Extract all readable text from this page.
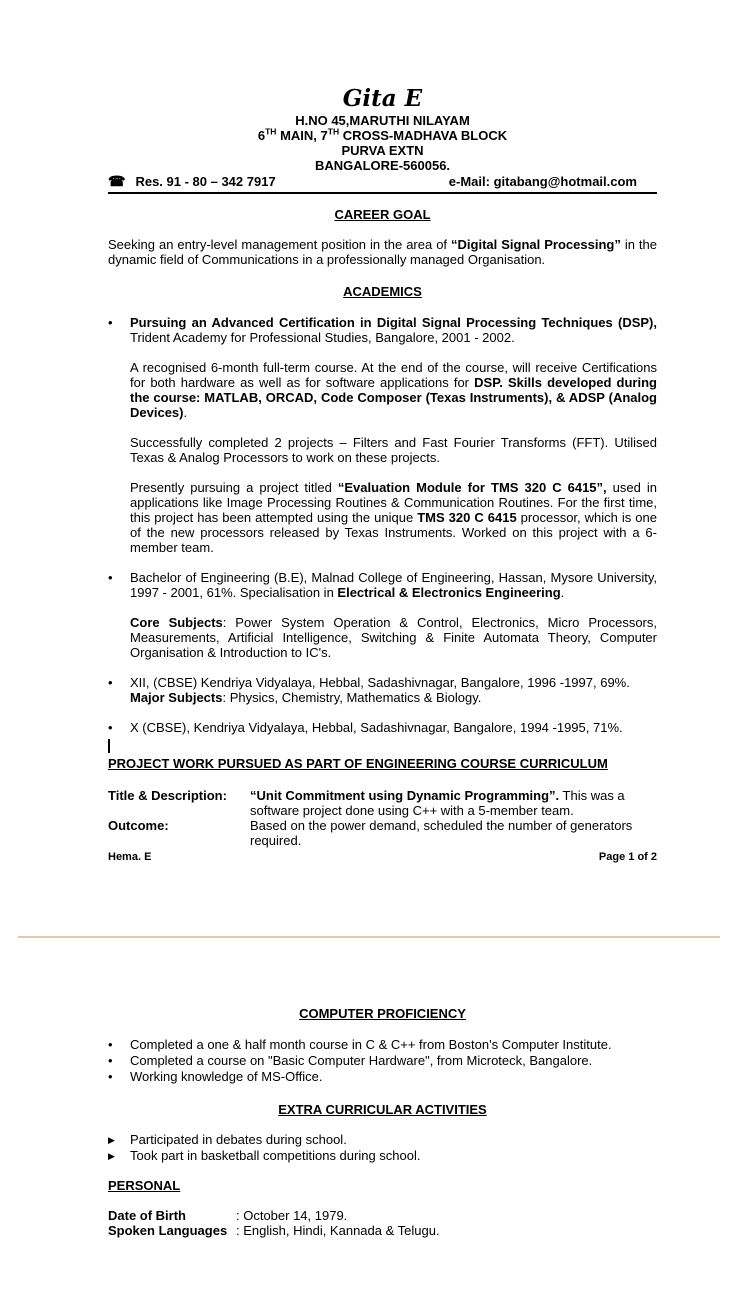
Gita E
H.NO 45,MARUTHI NILAYAM
6TH MAIN, 7TH CROSS-MADHAVA BLOCK
PURVA EXTN
BANGALORE-560056.
☎ Res. 91 - 80 – 342 7917	e-Mail: gitabang@hotmail.com
CAREER GOAL
Seeking an entry-level management position in the area of “Digital Signal Processing” in the dynamic field of Communications in a professionally managed Organisation.
ACADEMICS
•	Pursuing an Advanced Certification in Digital Signal Processing Techniques (DSP), Trident Academy for Professional Studies, Bangalore, 2001 - 2002.
A recognised 6-month full-term course. At the end of the course, will receive Certifications for both hardware as well as for software applications for DSP. Skills developed during the course: MATLAB, ORCAD, Code Composer (Texas Instruments), & ADSP (Analog Devices).
Successfully completed 2 projects – Filters and Fast Fourier Transforms (FFT). Utilised Texas & Analog Processors to work on these projects.
Presently pursuing a project titled “Evaluation Module for TMS 320 C 6415”, used in applications like Image Processing Routines & Communication Routines. For the first time, this project has been attempted using the unique TMS 320 C 6415 processor, which is one of the new processors released by Texas Instruments. Worked on this project with a 6-member team.
•	Bachelor of Engineering (B.E), Malnad College of Engineering, Hassan, Mysore University, 1997 - 2001, 61%. Specialisation in Electrical & Electronics Engineering.
Core Subjects: Power System Operation & Control, Electronics, Micro Processors, Measurements, Artificial Intelligence, Switching & Finite Automata Theory, Computer Organisation & Introduction to IC's.
•	XII, (CBSE) Kendriya Vidyalaya, Hebbal, Sadashivnagar, Bangalore, 1996 -1997, 69%. Major Subjects: Physics, Chemistry, Mathematics & Biology.
•	X (CBSE), Kendriya Vidyalaya, Hebbal, Sadashivnagar, Bangalore, 1994 -1995, 71%.
PROJECT WORK PURSUED AS PART OF ENGINEERING COURSE CURRICULUM
Title & Description:	“Unit Commitment using Dynamic Programming”. This was a software project done using C++ with a 5-member team.
Outcome:	Based on the power demand, scheduled the number of generators required.
Hema. E	Page 1 of 2
COMPUTER PROFICIENCY
•	Completed a one & half month course in C & C++ from Boston's Computer Institute.
•	Completed a course on "Basic Computer Hardware", from Microteck, Bangalore.
•	Working knowledge of MS-Office.
EXTRA CURRICULAR ACTIVITIES
▶	Participated in debates during school.
▶	Took part in basketball competitions during school.
PERSONAL
Date of Birth	: October 14, 1979.
Spoken Languages : English, Hindi, Kannada & Telugu.
